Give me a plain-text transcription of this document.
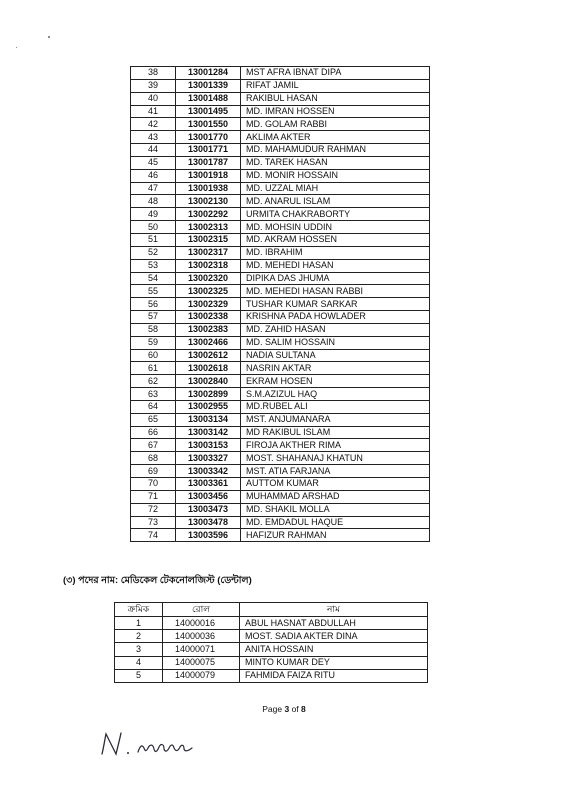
38	13001284	MST AFRA IBNAT DIPA
39	13001339	RIFAT JAMIL
40	13001488	RAKIBUL HASAN
41	13001495	MD. IMRAN HOSSEN
42	13001550	MD. GOLAM RABBI
43	13001770	AKLIMA AKTER
44	13001771	MD. MAHAMUDUR RAHMAN
45	13001787	MD. TAREK HASAN
46	13001918	MD. MONIR HOSSAIN
47	13001938	MD. UZZAL MIAH
48	13002130	MD. ANARUL ISLAM
49	13002292	URMITA CHAKRABORTY
50	13002313	MD. MOHSIN UDDIN
51	13002315	MD. AKRAM HOSSEN
52	13002317	MD. IBRAHIM
53	13002318	MD. MEHEDI HASAN
54	13002320	DIPIKA DAS JHUMA
55	13002325	MD. MEHEDI HASAN RABBI
56	13002329	TUSHAR KUMAR SARKAR
57	13002338	KRISHNA PADA HOWLADER
58	13002383	MD. ZAHID HASAN
59	13002466	MD. SALIM HOSSAIN
60	13002612	NADIA SULTANA
61	13002618	NASRIN AKTAR
62	13002840	EKRAM HOSEN
63	13002899	S.M.AZIZUL HAQ
64	13002955	MD.RUBEL ALI
65	13003134	MST. ANJUMANARA
66	13003142	MD RAKIBUL ISLAM
67	13003153	FIROJA AKTHER RIMA
68	13003327	MOST. SHAHANAJ KHATUN
69	13003342	MST. ATIA FARJANA
70	13003361	AUTTOM KUMAR
71	13003456	MUHAMMAD ARSHAD
72	13003473	MD. SHAKIL MOLLA
73	13003478	MD. EMDADUL HAQUE
74	13003596	HAFIZUR RAHMAN
(৩) পদের নাম: মেডিকেল টেকনোলজিস্ট (ডেন্টাল)
ক্রমিক	রোল	নাম
1	14000016	ABUL HASNAT ABDULLAH
2	14000036	MOST. SADIA AKTER DINA
3	14000071	ANITA HOSSAIN
4	14000075	MINTO KUMAR DEY
5	14000079	FAHMIDA FAIZA RITU
Page 3 of 8
